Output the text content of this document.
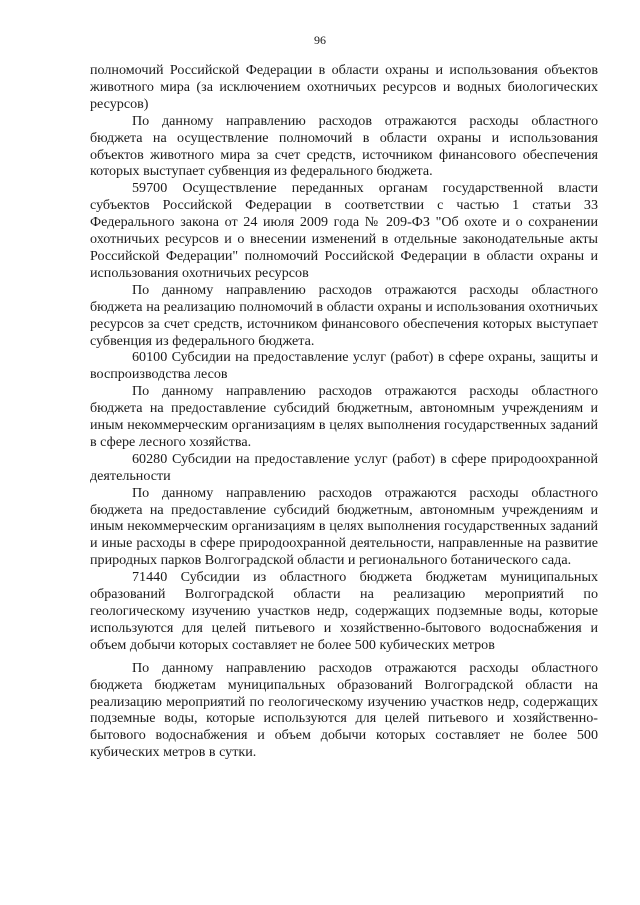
96

полномочий Российской Федерации в области охраны и использования объектов животного мира (за исключением охотничьих ресурсов и водных биологических ресурсов)

По данному направлению расходов отражаются расходы областного бюджета на осуществление полномочий в области охраны и использования объектов животного мира за счет средств, источником финансового обеспечения которых выступает субвенция из федерального бюджета.

59700 Осуществление переданных органам государственной власти субъектов Российской Федерации в соответствии с частью 1 статьи 33 Федерального закона от 24 июля 2009 года № 209-ФЗ "Об охоте и о сохранении охотничьих ресурсов и о внесении изменений в отдельные законодательные акты Российской Федерации" полномочий Российской Федерации в области охраны и использования охотничьих ресурсов

По данному направлению расходов отражаются расходы областного бюджета на реализацию полномочий в области охраны и использования охотничьих ресурсов за счет средств, источником финансового обеспечения которых выступает субвенция из федерального бюджета.

60100 Субсидии на предоставление услуг (работ) в сфере охраны, защиты и воспроизводства лесов

По данному направлению расходов отражаются расходы областного бюджета на предоставление субсидий бюджетным, автономным учреждениям и иным некоммерческим организациям в целях выполнения государственных заданий в сфере лесного хозяйства.

60280 Субсидии на предоставление услуг (работ) в сфере природоохранной деятельности

По данному направлению расходов отражаются расходы областного бюджета на предоставление субсидий бюджетным, автономным учреждениям и иным некоммерческим организациям в целях выполнения государственных заданий и иные расходы в сфере природоохранной деятельности, направленные на развитие природных парков Волгоградской области и регионального ботанического сада.

71440 Субсидии из областного бюджета бюджетам муниципальных образований Волгоградской области на реализацию мероприятий по геологическому изучению участков недр, содержащих подземные воды, которые используются для целей питьевого и хозяйственно-бытового водоснабжения и объем добычи которых составляет не более 500 кубических метров

По данному направлению расходов отражаются расходы областного бюджета бюджетам муниципальных образований Волгоградской области на реализацию мероприятий по геологическому изучению участков недр, содержащих подземные воды, которые используются для целей питьевого и хозяйственно-бытового водоснабжения и объем добычи которых составляет не более 500 кубических метров в сутки.
